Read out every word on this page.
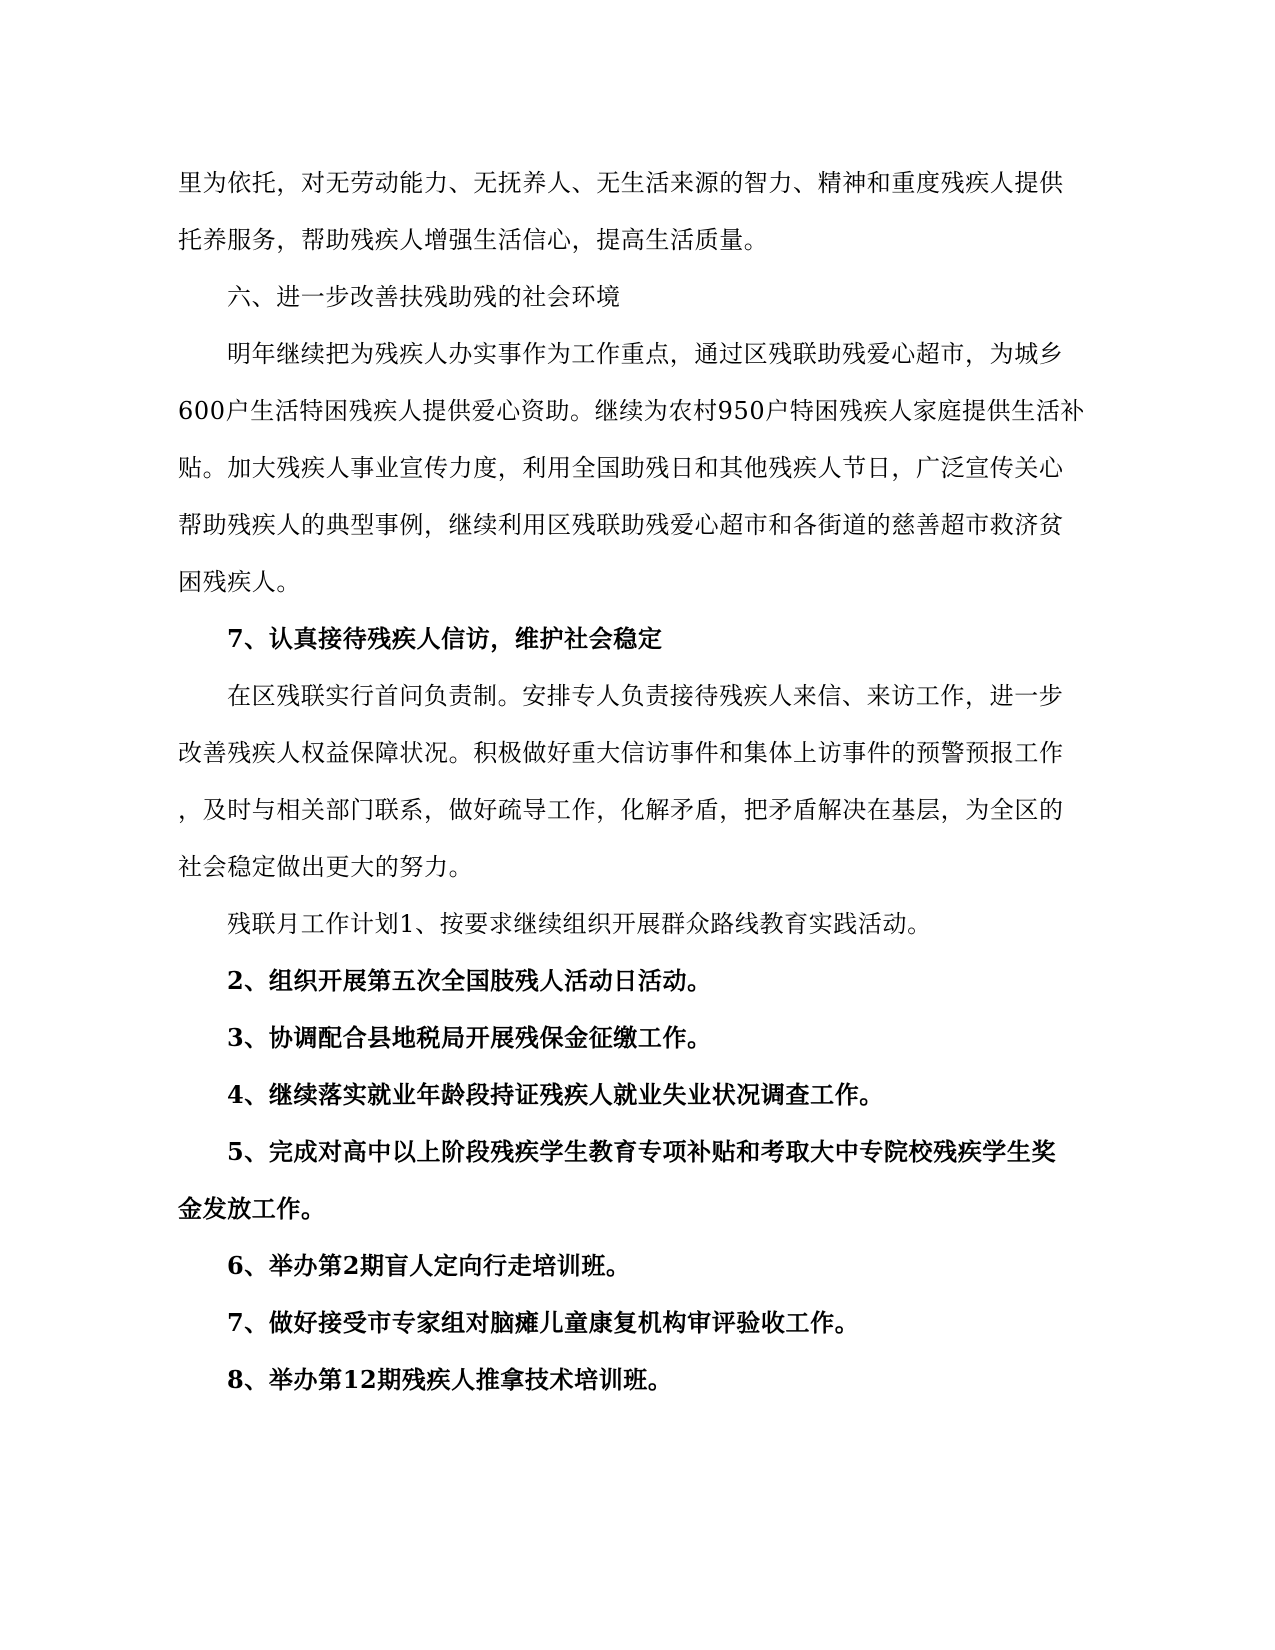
里为依托，对无劳动能力、无抚养人、无生活来源的智力、精神和重度残疾人提供
托养服务，帮助残疾人增强生活信心，提高生活质量。
六、进一步改善扶残助残的社会环境
明年继续把为残疾人办实事作为工作重点，通过区残联助残爱心超市，为城乡
600户生活特困残疾人提供爱心资助。继续为农村950户特困残疾人家庭提供生活补
贴。加大残疾人事业宣传力度，利用全国助残日和其他残疾人节日，广泛宣传关心
帮助残疾人的典型事例，继续利用区残联助残爱心超市和各街道的慈善超市救济贫
困残疾人。
7、认真接待残疾人信访，维护社会稳定
在区残联实行首问负责制。安排专人负责接待残疾人来信、来访工作，进一步
改善残疾人权益保障状况。积极做好重大信访事件和集体上访事件的预警预报工作
，及时与相关部门联系，做好疏导工作，化解矛盾，把矛盾解决在基层，为全区的
社会稳定做出更大的努力。
残联月工作计划1、按要求继续组织开展群众路线教育实践活动。
2、组织开展第五次全国肢残人活动日活动。
3、协调配合县地税局开展残保金征缴工作。
4、继续落实就业年龄段持证残疾人就业失业状况调查工作。
5、完成对高中以上阶段残疾学生教育专项补贴和考取大中专院校残疾学生奖
金发放工作。
6、举办第2期盲人定向行走培训班。
7、做好接受市专家组对脑瘫儿童康复机构审评验收工作。
8、举办第12期残疾人推拿技术培训班。
